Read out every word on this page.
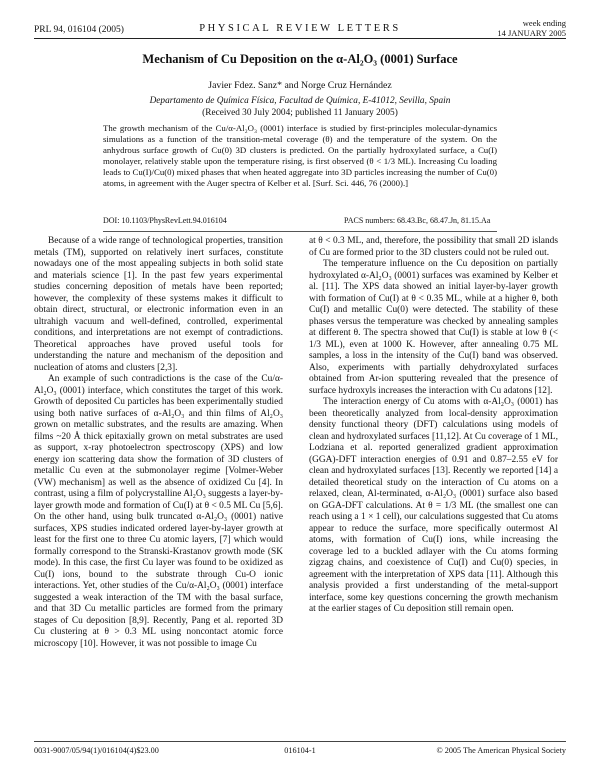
PRL 94, 016104 (2005)	PHYSICAL REVIEW LETTERS	week ending
14 JANUARY 2005
Mechanism of Cu Deposition on the α-Al₂O₃ (0001) Surface
Javier Fdez. Sanz* and Norge Cruz Hernández
Departamento de Química Física, Facultad de Química, E-41012, Sevilla, Spain
(Received 30 July 2004; published 11 January 2005)
The growth mechanism of the Cu/α-Al₂O₃ (0001) interface is studied by first-principles molecular-dynamics simulations as a function of the transition-metal coverage (θ) and the temperature of the system. On the anhydrous surface growth of Cu(0) 3D clusters is predicted. On the partially hydroxylated surface, a Cu(I) monolayer, relatively stable upon the temperature rising, is first observed (θ < 1/3 ML). Increasing Cu loading leads to Cu(I)/Cu(0) mixed phases that when heated aggregate into 3D particles increasing the number of Cu(0) atoms, in agreement with the Auger spectra of Kelber et al. [Surf. Sci. 446, 76 (2000).]
DOI: 10.1103/PhysRevLett.94.016104	PACS numbers: 68.43.Bc, 68.47.Jn, 81.15.Aa

Because of a wide range of technological properties, transition metals (TM), supported on relatively inert surfaces, constitute nowadays one of the most appealing subjects in both solid state and materials science [1]. In the past few years experimental studies concerning deposition of metals have been reported; however, the complexity of these systems makes it difficult to obtain direct, structural, or electronic information even in an ultrahigh vacuum and well-defined, controlled, experimental conditions, and interpretations are not exempt of contradictions. Theoretical approaches have proved useful tools for understanding the nature and mechanism of the deposition and nucleation of atoms and clusters [2,3].

An example of such contradictions is the case of the Cu/α-Al₂O₃ (0001) interface, which constitutes the target of this work. Growth of deposited Cu particles has been experimentally studied using both native surfaces of α-Al₂O₃ and thin films of Al₂O₃ grown on metallic substrates, and the results are amazing. When films ~20 Å thick epitaxially grown on metal substrates are used as support, x-ray photoelectron spectroscopy (XPS) and low energy ion scattering data show the formation of 3D clusters of metallic Cu even at the submonolayer regime [Volmer-Weber (VW) mechanism] as well as the absence of oxidized Cu [4]. In contrast, using a film of polycrystalline Al₂O₃ suggests a layer-by-layer growth mode and formation of Cu(I) at θ < 0.5 ML Cu [5,6]. On the other hand, using bulk truncated α-Al₂O₃ (0001) native surfaces, XPS studies indicated ordered layer-by-layer growth at least for the first one to three Cu atomic layers, [7] which would formally correspond to the Stranski-Krastanov growth mode (SK mode). In this case, the first Cu layer was found to be oxidized as Cu(I) ions, bound to the substrate through Cu-O ionic interactions. Yet, other studies of the Cu/α-Al₂O₃ (0001) interface suggested a weak interaction of the TM with the basal surface, and that 3D Cu metallic particles are formed from the primary stages of Cu deposition [8,9]. Recently, Pang et al. reported 3D Cu clustering at θ > 0.3 ML using noncontact atomic force microscopy [10]. However, it was not possible to image Cu

at θ < 0.3 ML, and, therefore, the possibility that small 2D islands of Cu are formed prior to the 3D clusters could not be ruled out.

The temperature influence on the Cu deposition on partially hydroxylated α-Al₂O₃ (0001) surfaces was examined by Kelber et al. [11]. The XPS data showed an initial layer-by-layer growth with formation of Cu(I) at θ < 0.35 ML, while at a higher θ, both Cu(I) and metallic Cu(0) were detected. The stability of these phases versus the temperature was checked by annealing samples at different θ. The spectra showed that Cu(I) is stable at low θ (< 1/3 ML), even at 1000 K. However, after annealing 0.75 ML samples, a loss in the intensity of the Cu(I) band was observed. Also, experiments with partially dehydroxylated surfaces obtained from Ar-ion sputtering revealed that the presence of surface hydroxyls increases the interaction with Cu adatons [12].

The interaction energy of Cu atoms with α-Al₂O₃ (0001) has been theoretically analyzed from local-density approximation density functional theory (DFT) calculations using models of clean and hydroxylated surfaces [11,12]. At Cu coverage of 1 ML, Lodziana et al. reported generalized gradient approximation (GGA)-DFT interaction energies of 0.91 and 0.87–2.55 eV for clean and hydroxylated surfaces [13]. Recently we reported [14] a detailed theoretical study on the interaction of Cu atoms on a relaxed, clean, Al-terminated, α-Al₂O₃ (0001) surface also based on GGA-DFT calculations. At θ = 1/3 ML (the smallest one can reach using a 1 × 1 cell), our calculations suggested that Cu atoms appear to reduce the surface, more specifically outermost Al atoms, with formation of Cu(I) ions, while increasing the coverage led to a buckled adlayer with the Cu atoms forming zigzag chains, and coexistence of Cu(I) and Cu(0) species, in agreement with the interpretation of XPS data [11]. Although this analysis provided a first understanding of the metal-support interface, some key questions concerning the growth mechanism at the earlier stages of Cu deposition still remain open.

0031-9007/05/94(1)/016104(4)$23.00	016104-1	© 2005 The American Physical Society
